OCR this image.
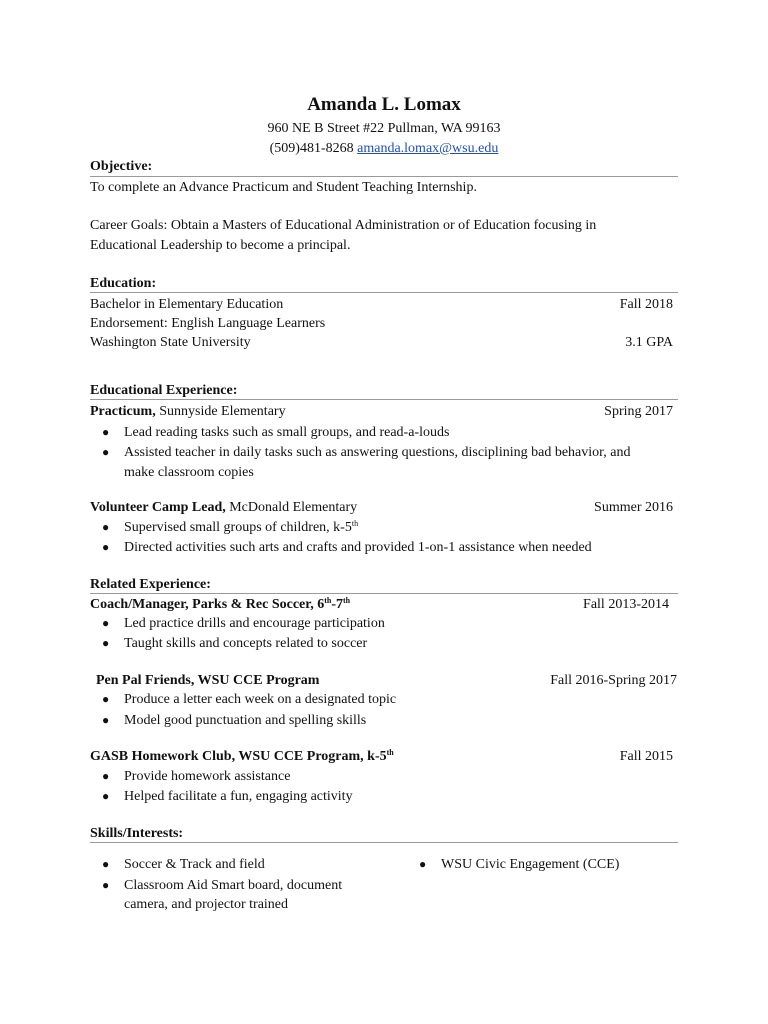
Amanda L. Lomax
960 NE B Street #22 Pullman, WA 99163
(509)481-8268 amanda.lomax@wsu.edu
Objective:
To complete an Advance Practicum and Student Teaching Internship.
Career Goals: Obtain a Masters of Educational Administration or of Education focusing in
Educational Leadership to become a principal.
Education:
Bachelor in Elementary Education	Fall 2018
Endorsement: English Language Learners
Washington State University	3.1 GPA
Educational Experience:
Practicum, Sunnyside Elementary	Spring 2017
● Lead reading tasks such as small groups, and read-a-louds
● Assisted teacher in daily tasks such as answering questions, disciplining bad behavior, and
make classroom copies
Volunteer Camp Lead, McDonald Elementary	Summer 2016
● Supervised small groups of children, k-5th
● Directed activities such arts and crafts and provided 1-on-1 assistance when needed
Related Experience:
Coach/Manager, Parks & Rec Soccer, 6th-7th	Fall 2013-2014
● Led practice drills and encourage participation
● Taught skills and concepts related to soccer
Pen Pal Friends, WSU CCE Program	Fall 2016-Spring 2017
● Produce a letter each week on a designated topic
● Model good punctuation and spelling skills
GASB Homework Club, WSU CCE Program, k-5th	Fall 2015
● Provide homework assistance
● Helped facilitate a fun, engaging activity
Skills/Interests:
● Soccer & Track and field
● Classroom Aid Smart board, document
camera, and projector trained
● WSU Civic Engagement (CCE)
